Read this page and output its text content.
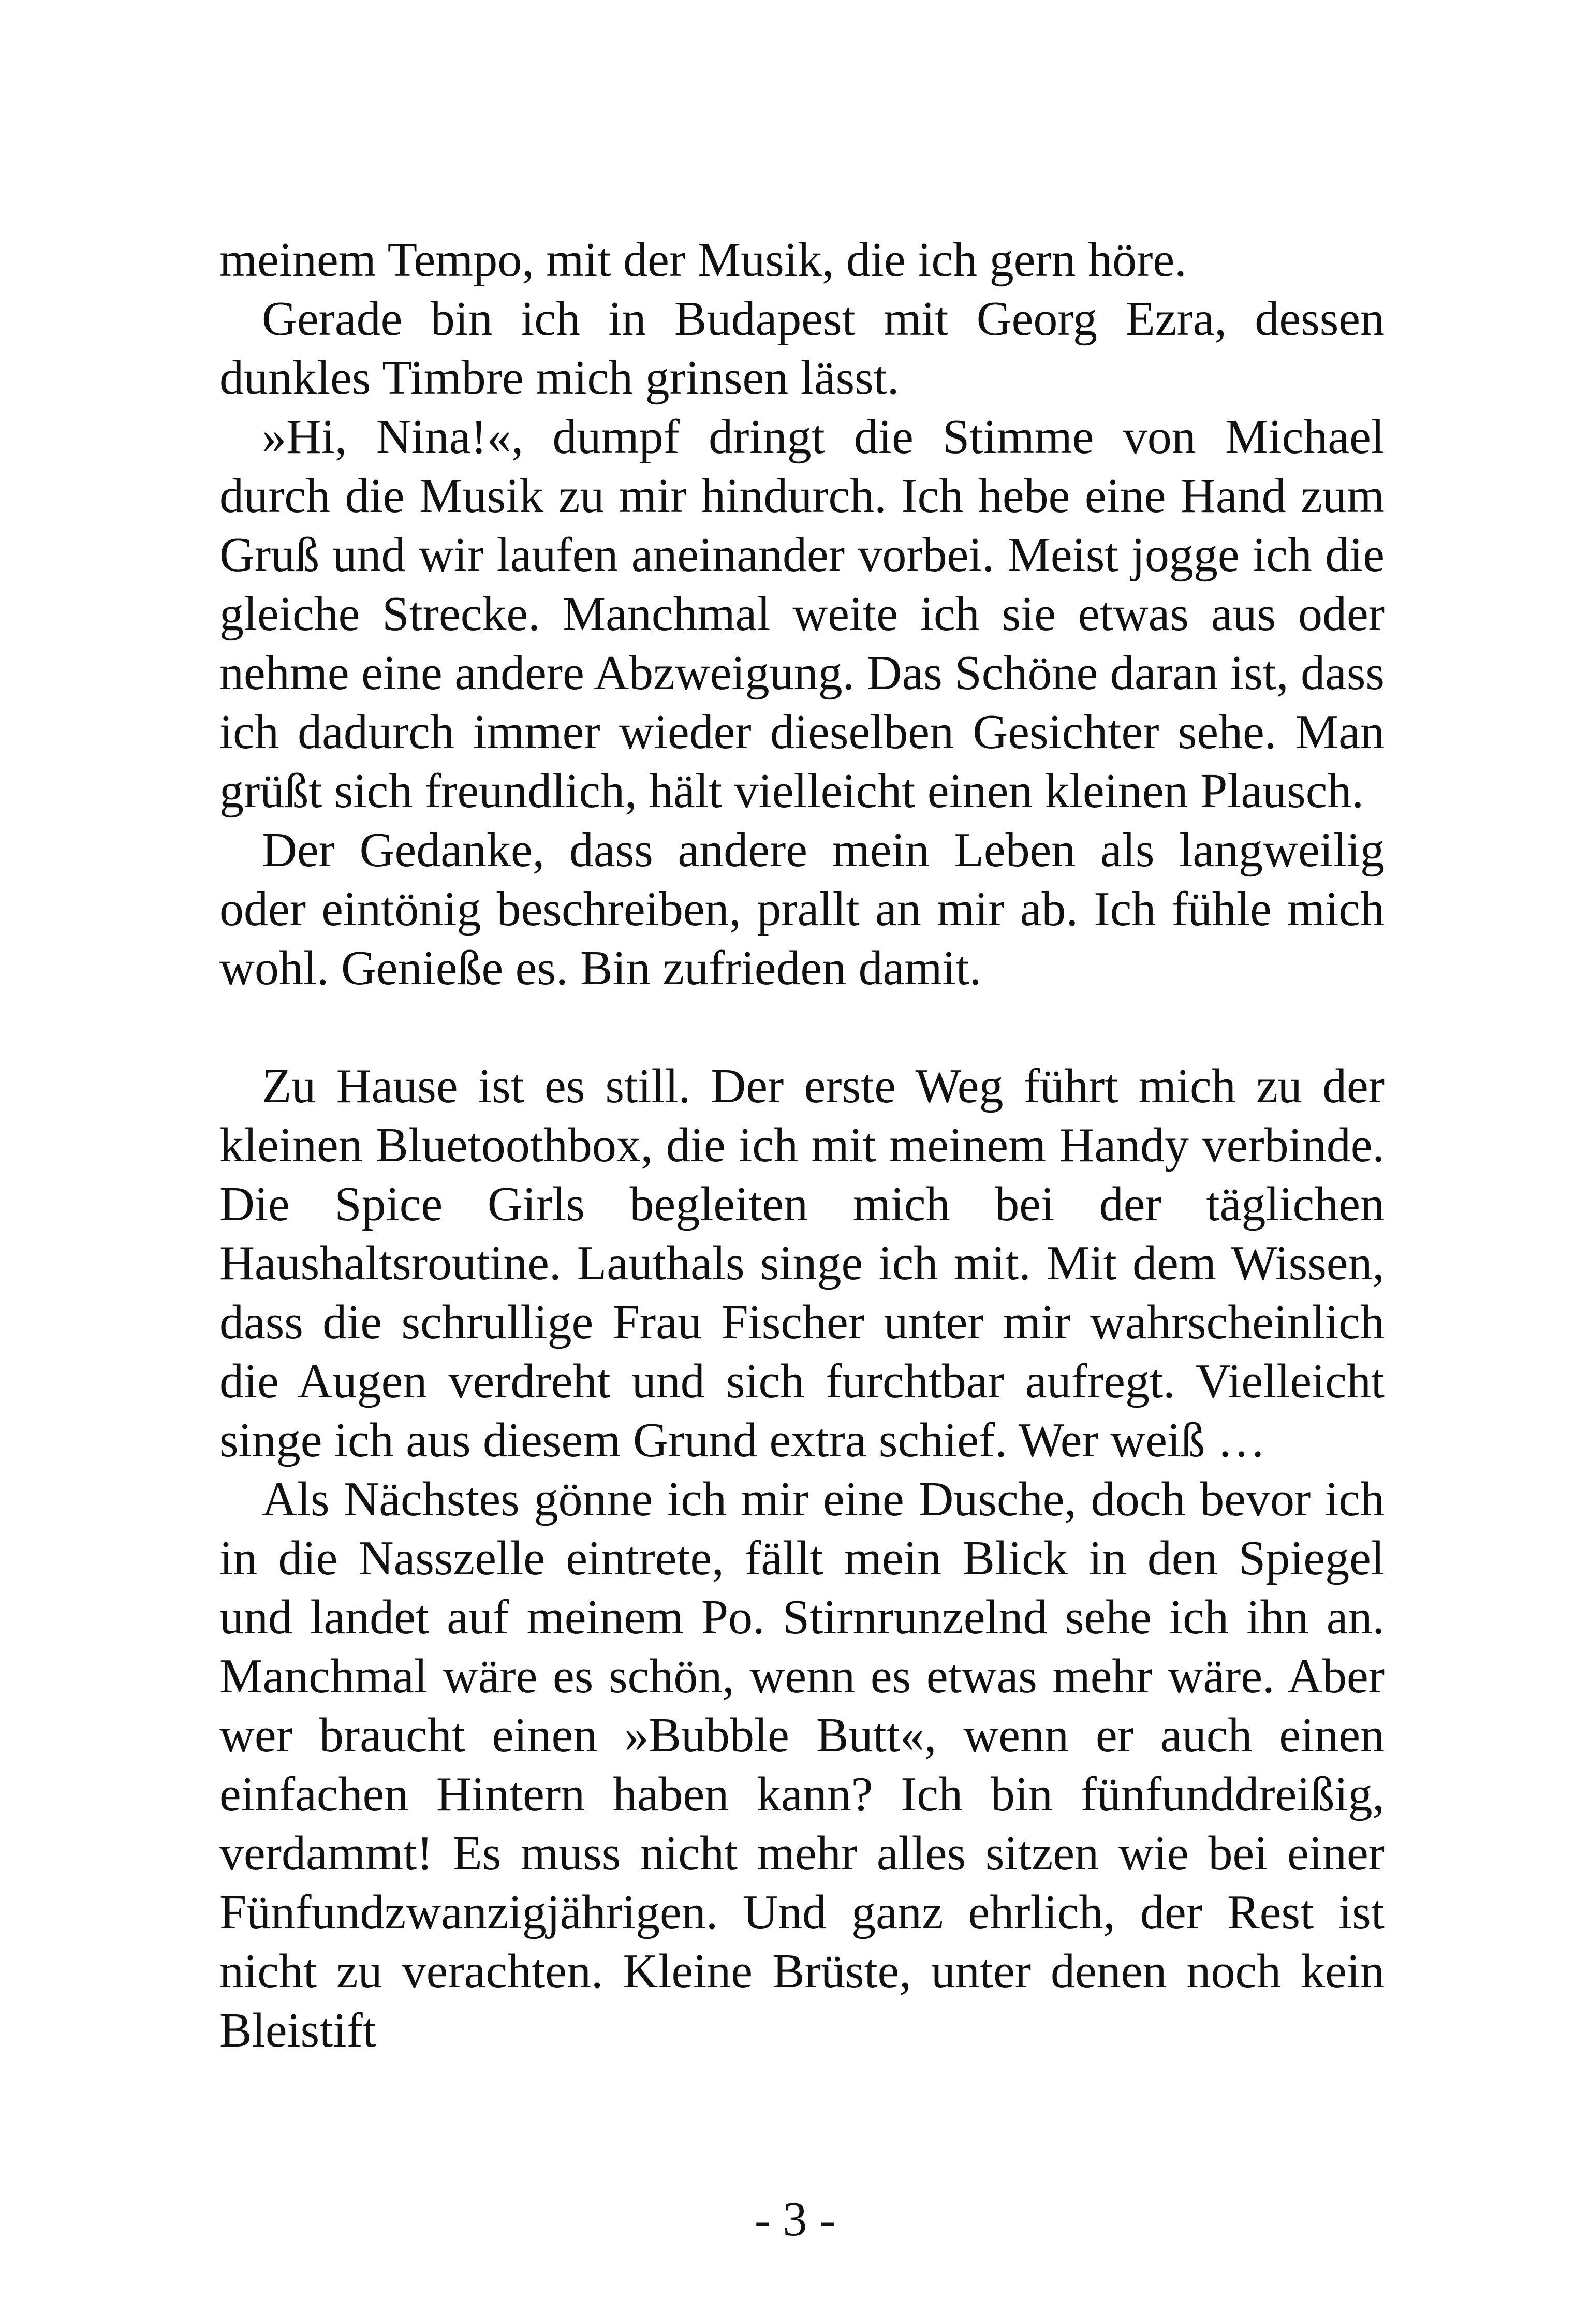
meinem Tempo, mit der Musik, die ich gern höre.

Gerade bin ich in Budapest mit Georg Ezra, dessen dunkles Timbre mich grinsen lässt.

»Hi, Nina!«, dumpf dringt die Stimme von Michael durch die Musik zu mir hindurch. Ich hebe eine Hand zum Gruß und wir laufen aneinander vorbei. Meist jogge ich die gleiche Strecke. Manchmal weite ich sie etwas aus oder nehme eine andere Abzweigung. Das Schöne daran ist, dass ich dadurch immer wieder dieselben Gesichter sehe. Man grüßt sich freundlich, hält vielleicht einen kleinen Plausch.

Der Gedanke, dass andere mein Leben als langweilig oder eintönig beschreiben, prallt an mir ab. Ich fühle mich wohl. Genieße es. Bin zufrieden damit.

Zu Hause ist es still. Der erste Weg führt mich zu der kleinen Bluetoothbox, die ich mit meinem Handy verbinde. Die Spice Girls begleiten mich bei der täglichen Haushaltsroutine. Lauthals singe ich mit. Mit dem Wissen, dass die schrullige Frau Fischer unter mir wahrscheinlich die Augen verdreht und sich furchtbar aufregt. Vielleicht singe ich aus diesem Grund extra schief. Wer weiß …

Als Nächstes gönne ich mir eine Dusche, doch bevor ich in die Nasszelle eintrete, fällt mein Blick in den Spiegel und landet auf meinem Po. Stirnrunzelnd sehe ich ihn an. Manchmal wäre es schön, wenn es etwas mehr wäre. Aber wer braucht einen »Bubble Butt«, wenn er auch einen einfachen Hintern haben kann? Ich bin fünfunddreißig, verdammt! Es muss nicht mehr alles sitzen wie bei einer Fünfundzwanzigjährigen. Und ganz ehrlich, der Rest ist nicht zu verachten. Kleine Brüste, unter denen noch kein Bleistift

- 3 -
